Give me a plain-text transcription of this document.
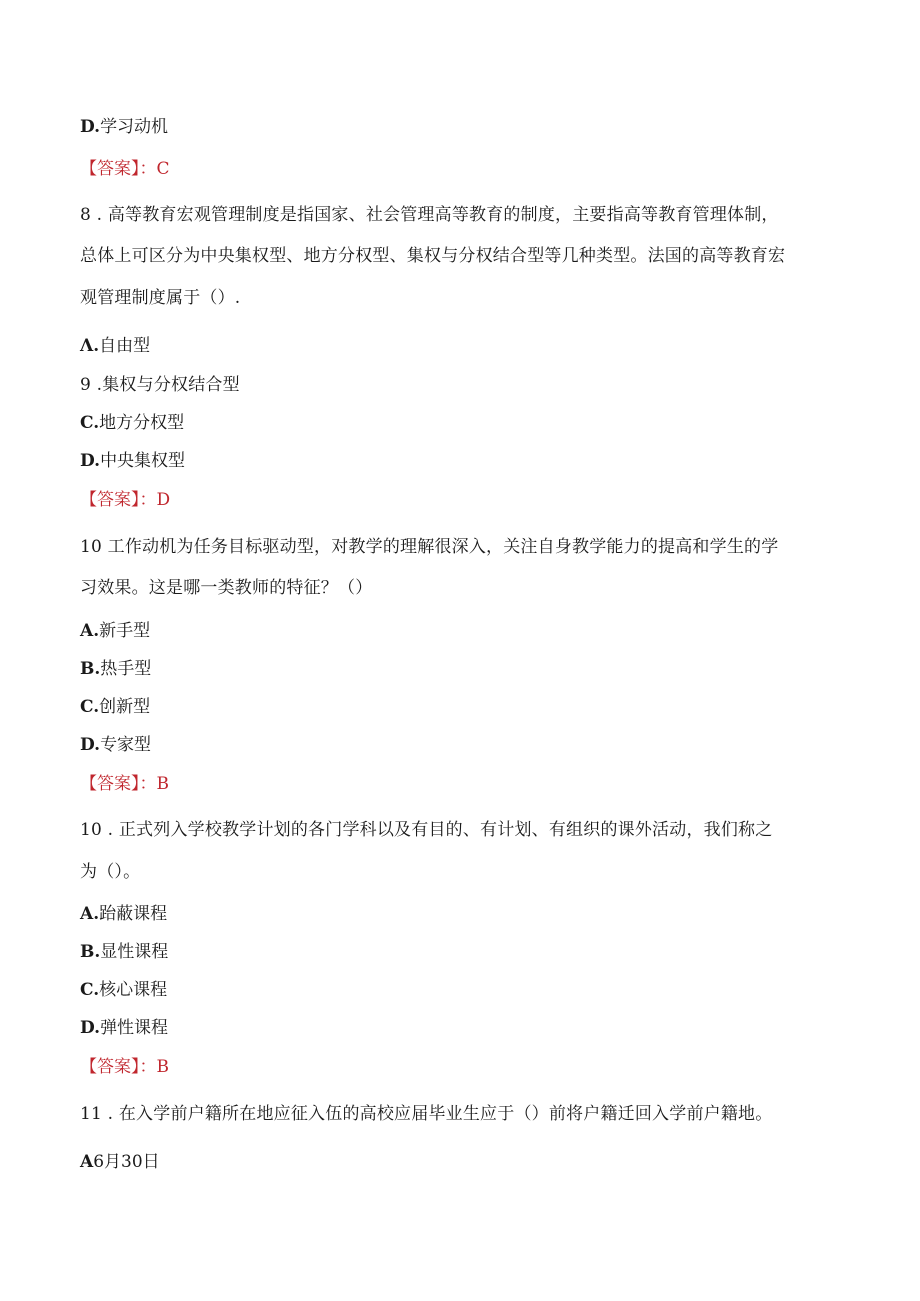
D.学习动机
【答案】：C
8 . 高等教育宏观管理制度是指国家、社会管理高等教育的制度，主要指高等教育管理体制，
总体上可区分为中央集权型、地方分权型、集权与分权结合型等几种类型。法国的高等教育宏
观管理制度属于（）.
Λ.自由型
9 .集权与分权结合型
C.地方分权型
D.中央集权型
【答案】：D
10 工作动机为任务目标驱动型，对教学的理解很深入，关注自身教学能力的提高和学生的学
习效果。这是哪一类教师的特征？（）
A.新手型
B.热手型
C.创新型
D.专家型
【答案】：B
10 . 正式列入学校教学计划的各门学科以及有目的、有计划、有组织的课外活动，我们称之
为（）。
A.跆蔽课程
B.显性课程
C.核心课程
D.弹性课程
【答案】：B
11 . 在入学前户籍所在地应征入伍的高校应届毕业生应于（）前将户籍迁回入学前户籍地。
A6月30日
